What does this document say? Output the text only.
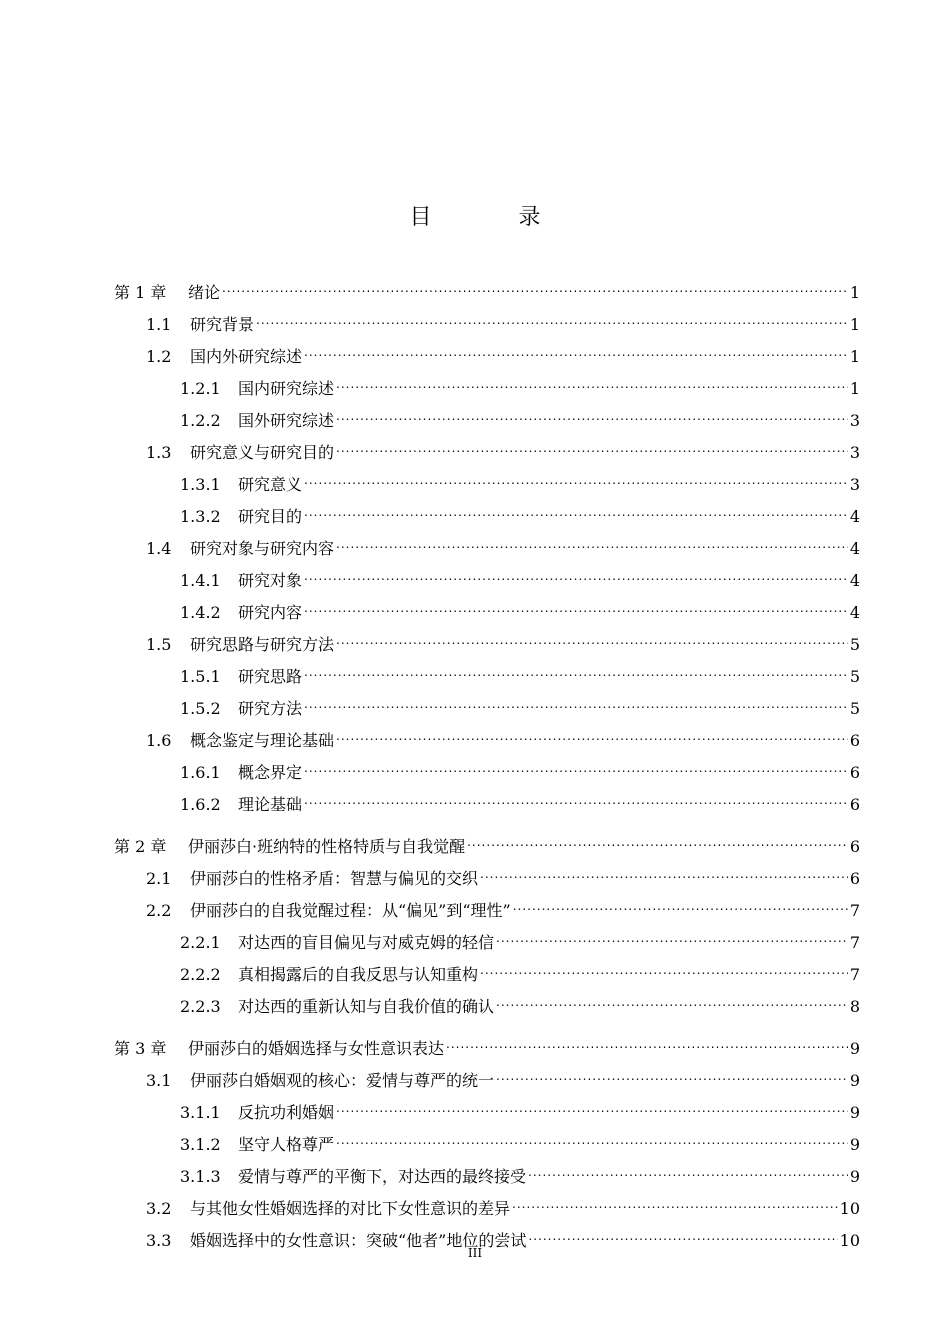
目 录
第 1 章	绪论 .....	1
1.1	研究背景 .....	1
1.2	国内外研究综述 .....	1
1.2.1	国内研究综述 .....	1
1.2.2	国外研究综述 .....	3
1.3	研究意义与研究目的 .....	3
1.3.1	研究意义 .....	3
1.3.2	研究目的 .....	4
1.4	研究对象与研究内容 .....	4
1.4.1	研究对象 .....	4
1.4.2	研究内容 .....	4
1.5	研究思路与研究方法 .....	5
1.5.1	研究思路 .....	5
1.5.2	研究方法 .....	5
1.6	概念鉴定与理论基础 .....	6
1.6.1	概念界定 .....	6
1.6.2	理论基础 .....	6
第 2 章	伊丽莎白·班纳特的性格特质与自我觉醒 .....	6
2.1	伊丽莎白的性格矛盾：智慧与偏见的交织 .....	6
2.2	伊丽莎白的自我觉醒过程：从“偏见”到“理性” .....	7
2.2.1	对达西的盲目偏见与对威克姆的轻信 .....	7
2.2.2	真相揭露后的自我反思与认知重构 .....	7
2.2.3	对达西的重新认知与自我价值的确认 .....	8
第 3 章	伊丽莎白的婚姻选择与女性意识表达 .....	9
3.1	伊丽莎白婚姻观的核心：爱情与尊严的统一 .....	9
3.1.1	反抗功利婚姻 .....	9
3.1.2	坚守人格尊严 .....	9
3.1.3	爱情与尊严的平衡下，对达西的最终接受 .....	9
3.2	与其他女性婚姻选择的对比下女性意识的差异 .....	10
3.3	婚姻选择中的女性意识：突破“他者”地位的尝试 .....	10
III
